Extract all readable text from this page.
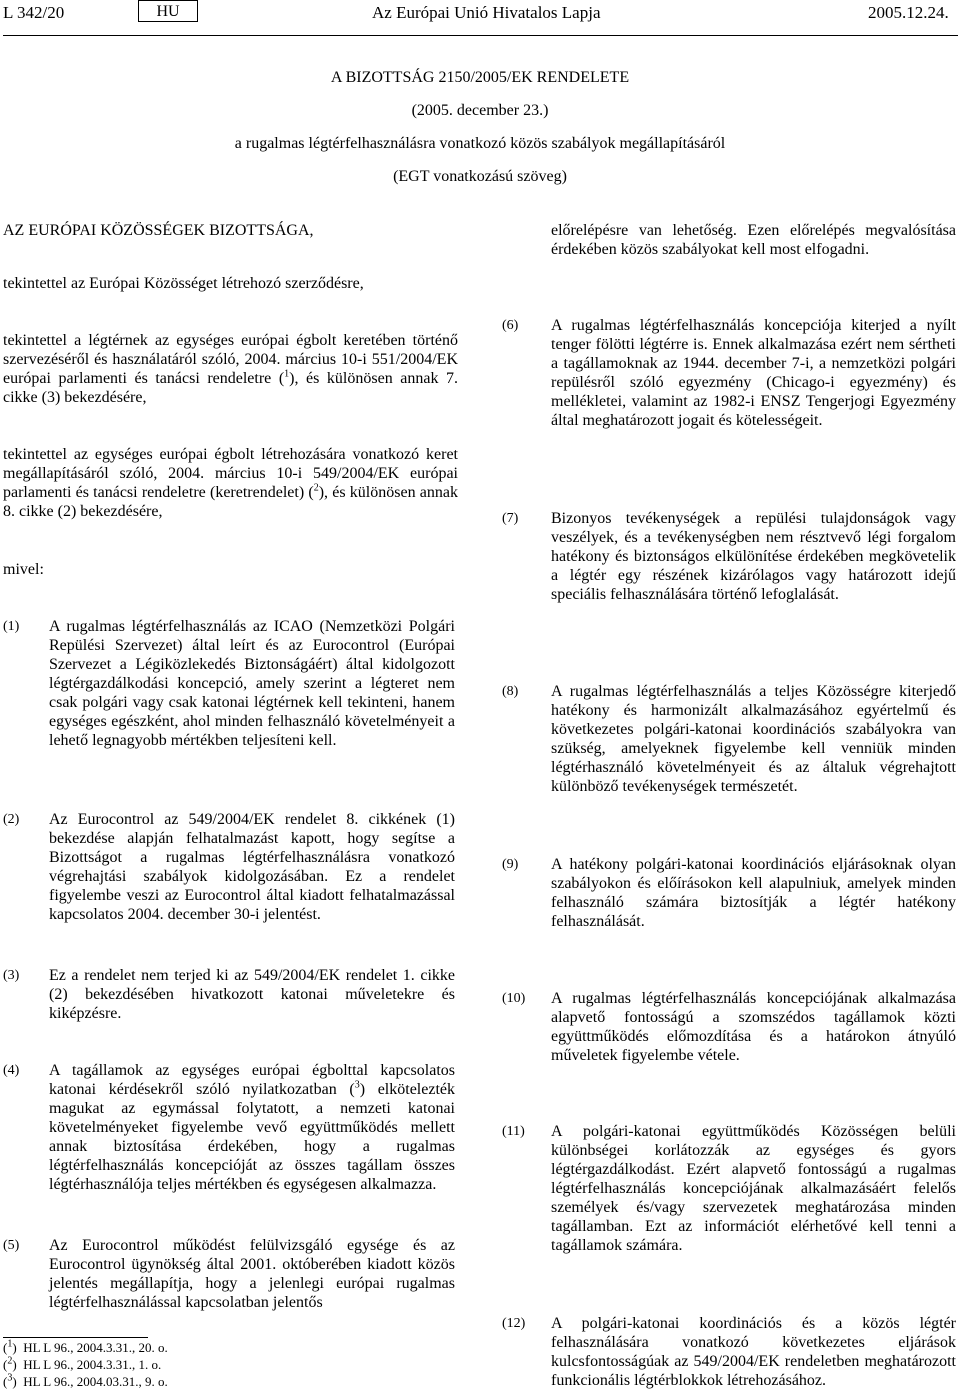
L 342/20	HU	Az Európai Unió Hivatalos Lapja	2005.12.24.
A BIZOTTSÁG 2150/2005/EK RENDELETE
(2005. december 23.)
a rugalmas légtérfelhasználásra vonatkozó közös szabályok megállapításáról
(EGT vonatkozású szöveg)
AZ EURÓPAI KÖZÖSSÉGEK BIZOTTSÁGA,
tekintettel az Európai Közösséget létrehozó szerződésre,
tekintettel a légtérnek az egységes európai égbolt keretében történő szervezéséről és használatáról szóló, 2004. március 10-i 551/2004/EK európai parlamenti és tanácsi rendeletre ($^1$), és különösen annak 7. cikke (3) bekezdésére,
tekintettel az egységes európai égbolt létrehozására vonatkozó keret megállapításáról szóló, 2004. március 10-i 549/2004/EK európai parlamenti és tanácsi rendeletre (keretrendelet) ($^2$), és különösen annak 8. cikke (2) bekezdésére,
mivel:
(1) A rugalmas légtérfelhasználás az ICAO (Nemzetközi Polgári Repülési Szervezet) által leírt és az Eurocontrol (Európai Szervezet a Légiközlekedés Biztonságáért) által kidolgozott légtérgazdálkodási koncepció, amely szerint a légteret nem csak polgári vagy csak katonai légtérnek kell tekinteni, hanem egységes egészként, ahol minden felhasználó követelményeit a lehető legnagyobb mértékben teljesíteni kell.
(2) Az Eurocontrol az 549/2004/EK rendelet 8. cikkének (1) bekezdése alapján felhatalmazást kapott, hogy segítse a Bizottságot a rugalmas légtérfelhasználásra vonatkozó végrehajtási szabályok kidolgozásában. Ez a rendelet figyelembe veszi az Eurocontrol által kiadott felhatalmazással kapcsolatos 2004. december 30-i jelentést.
(3) Ez a rendelet nem terjed ki az 549/2004/EK rendelet 1. cikke (2) bekezdésében hivatkozott katonai műveletekre és kiképzésre.
(4) A tagállamok az egységes európai égbolttal kapcsolatos katonai kérdésekről szóló nyilatkozatban ($^3$) elkötelezték magukat az egymással folytatott, a nemzeti katonai követelményeket figyelembe vevő együttműködés mellett annak biztosítása érdekében, hogy a rugalmas légtérfelhasználás koncepcióját az összes tagállam összes légtérhasználója teljes mértékben és egységesen alkalmazza.
(5) Az Eurocontrol működést felülvizsgáló egysége és az Eurocontrol ügynökség által 2001. októberében kiadott közös jelentés megállapítja, hogy a jelenlegi európai rugalmas légtérfelhasználással kapcsolatban jelentős
($^1$)  HL L 96., 2004.3.31., 20. o.
($^2$)  HL L 96., 2004.3.31., 1. o.
($^3$)  HL L 96., 2004.03.31., 9. o.
előrelépésre van lehetőség. Ezen előrelépés megvalósítása érdekében közös szabályokat kell most elfogadni.
(6) A rugalmas légtérfelhasználás koncepciója kiterjed a nyílt tenger fölötti légtérre is. Ennek alkalmazása ezért nem sértheti a tagállamoknak az 1944. december 7-i, a nemzetközi polgári repülésről szóló egyezmény (Chicago-i egyezmény) és mellékletei, valamint az 1982-i ENSZ Tengerjogi Egyezmény által meghatározott jogait és kötelességeit.
(7) Bizonyos tevékenységek a repülési tulajdonságok vagy veszélyek, és a tevékenységben nem résztvevő légi forgalom hatékony és biztonságos elkülönítése érdekében megkövetelik a légtér egy részének kizárólagos vagy határozott idejű speciális felhasználására történő lefoglalását.
(8) A rugalmas légtérfelhasználás a teljes Közösségre kiterjedő hatékony és harmonizált alkalmazásához egyértelmű és következetes polgári-katonai koordinációs szabályokra van szükség, amelyeknek figyelembe kell venniük minden légtérhasználó követelményeit és az általuk végrehajtott különböző tevékenységek természetét.
(9) A hatékony polgári-katonai koordinációs eljárásoknak olyan szabályokon és előírásokon kell alapulniuk, amelyek minden felhasználó számára biztosítják a légtér hatékony felhasználását.
(10) A rugalmas légtérfelhasználás koncepciójának alkalmazása alapvető fontosságú a szomszédos tagállamok közti együttműködés előmozdítása és a határokon átnyúló műveletek figyelembe vétele.
(11) A polgári-katonai együttműködés Közösségen belüli különbségei korlátozzák az egységes és gyors légtérgazdálkodást. Ezért alapvető fontosságú a rugalmas légtérfelhasználás koncepciójának alkalmazásáért felelős személyek és/vagy szervezetek meghatározása minden tagállamban. Ezt az információt elérhetővé kell tenni a tagállamok számára.
(12) A polgári-katonai koordinációs és a közös légtér felhasználására vonatkozó következetes eljárások kulcsfontosságúak az 549/2004/EK rendeletben meghatározott funkcionális légtérblokkok létrehozásához.
